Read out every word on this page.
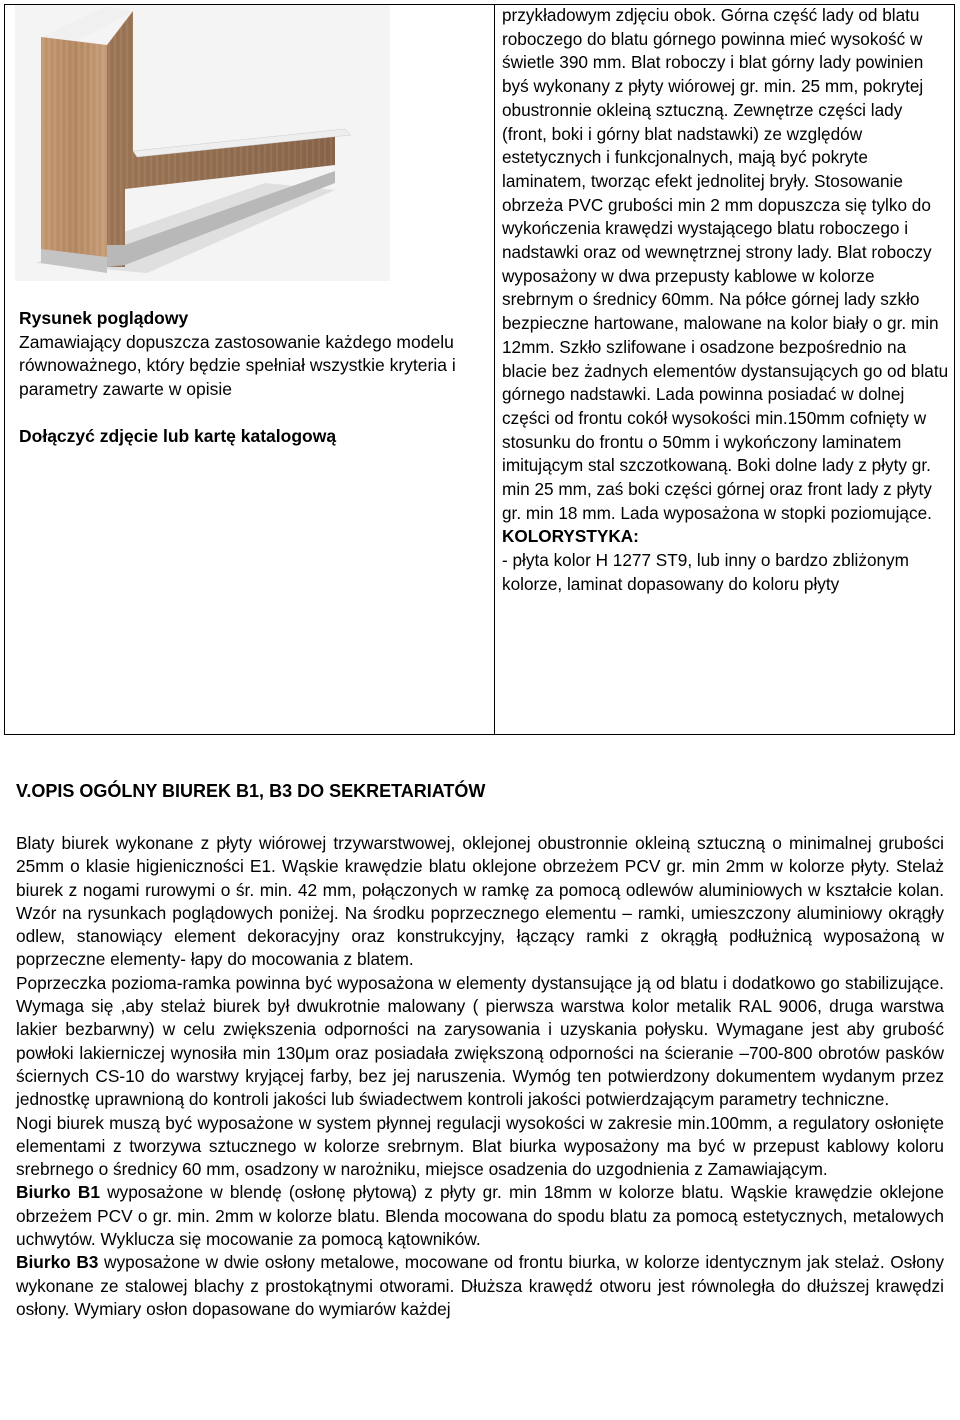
Rysunek poglądowy

Zamawiający dopuszcza zastosowanie każdego modelu równoważnego, który będzie spełniał wszystkie kryteria i parametry zawarte w opisie

Dołączyć zdjęcie lub kartę katalogową

przykładowym zdjęciu obok. Górna część lady od blatu roboczego do blatu górnego powinna mieć wysokość w świetle 390 mm. Blat roboczy i blat górny lady powinien byś wykonany z płyty wiórowej gr. min. 25 mm, pokrytej obustronnie okleiną sztuczną. Zewnętrze części lady (front, boki i górny blat nadstawki) ze względów estetycznych i funkcjonalnych, mają być pokryte laminatem, tworząc efekt jednolitej bryły. Stosowanie obrzeża PVC grubości min 2 mm dopuszcza się tylko do wykończenia krawędzi wystającego blatu roboczego i nadstawki oraz od wewnętrznej strony lady. Blat roboczy wyposażony w dwa przepusty kablowe w kolorze srebrnym o średnicy 60mm. Na półce górnej lady szkło bezpieczne hartowane, malowane na kolor biały o gr. min 12mm. Szkło szlifowane i osadzone bezpośrednio na blacie bez żadnych elementów dystansujących go od blatu górnego nadstawki. Lada powinna posiadać w dolnej części od frontu cokół wysokości min.150mm cofnięty w stosunku do frontu o 50mm i wykończony laminatem imitującym stal szczotkowaną. Boki dolne lady z płyty gr. min 25 mm, zaś boki części górnej oraz front lady z płyty gr. min 18 mm. Lada wyposażona w stopki poziomujące.

KOLORYSTYKA:

- płyta kolor H 1277 ST9, lub inny o bardzo zbliżonym kolorze, laminat dopasowany do koloru płyty

V.OPIS OGÓLNY BIUREK B1, B3 DO SEKRETARIATÓW

Blaty biurek wykonane z płyty wiórowej trzywarstwowej, oklejonej obustronnie okleiną sztuczną o minimalnej grubości 25mm o klasie higieniczności E1. Wąskie krawędzie blatu oklejone obrzeżem PCV gr. min 2mm w kolorze płyty. Stelaż biurek z nogami rurowymi o śr. min. 42 mm, połączonych w ramkę za pomocą odlewów aluminiowych w kształcie kolan. Wzór na rysunkach poglądowych poniżej. Na środku poprzecznego elementu – ramki, umieszczony aluminiowy okrągły odlew, stanowiący element dekoracyjny oraz konstrukcyjny, łączący ramki z okrągłą podłużnicą wyposażoną w poprzeczne elementy- łapy do mocowania z blatem.

Poprzeczka pozioma-ramka powinna być wyposażona w elementy dystansujące ją od blatu i dodatkowo go stabilizujące. Wymaga się ,aby stelaż biurek był dwukrotnie malowany ( pierwsza warstwa kolor metalik RAL 9006, druga warstwa lakier bezbarwny) w celu zwiększenia odporności na zarysowania i uzyskania połysku. Wymagane jest aby grubość powłoki lakierniczej wynosiła min 130μm oraz posiadała zwiększoną odporności na ścieranie –700-800 obrotów pasków ściernych CS-10 do warstwy kryjącej farby, bez jej naruszenia. Wymóg ten potwierdzony dokumentem wydanym przez jednostkę uprawnioną do kontroli jakości lub świadectwem kontroli jakości potwierdzającym parametry techniczne.

Nogi biurek muszą być wyposażone w system płynnej regulacji wysokości w zakresie min.100mm, a regulatory osłonięte elementami z tworzywa sztucznego w kolorze srebrnym. Blat biurka wyposażony ma być w przepust kablowy koloru srebrnego o średnicy 60 mm, osadzony w narożniku, miejsce osadzenia do uzgodnienia z Zamawiającym.

Biurko B1 wyposażone w blendę (osłonę płytową) z płyty gr. min 18mm w kolorze blatu. Wąskie krawędzie oklejone obrzeżem PCV o gr. min. 2mm w kolorze blatu. Blenda mocowana do spodu blatu za pomocą estetycznych, metalowych uchwytów. Wyklucza się mocowanie za pomocą kątowników.

Biurko B3 wyposażone w dwie osłony metalowe, mocowane od frontu biurka, w kolorze identycznym jak stelaż. Osłony wykonane ze stalowej blachy z prostokątnymi otworami. Dłuższa krawędź otworu jest równoległa do dłuższej krawędzi osłony. Wymiary osłon dopasowane do wymiarów każdej
